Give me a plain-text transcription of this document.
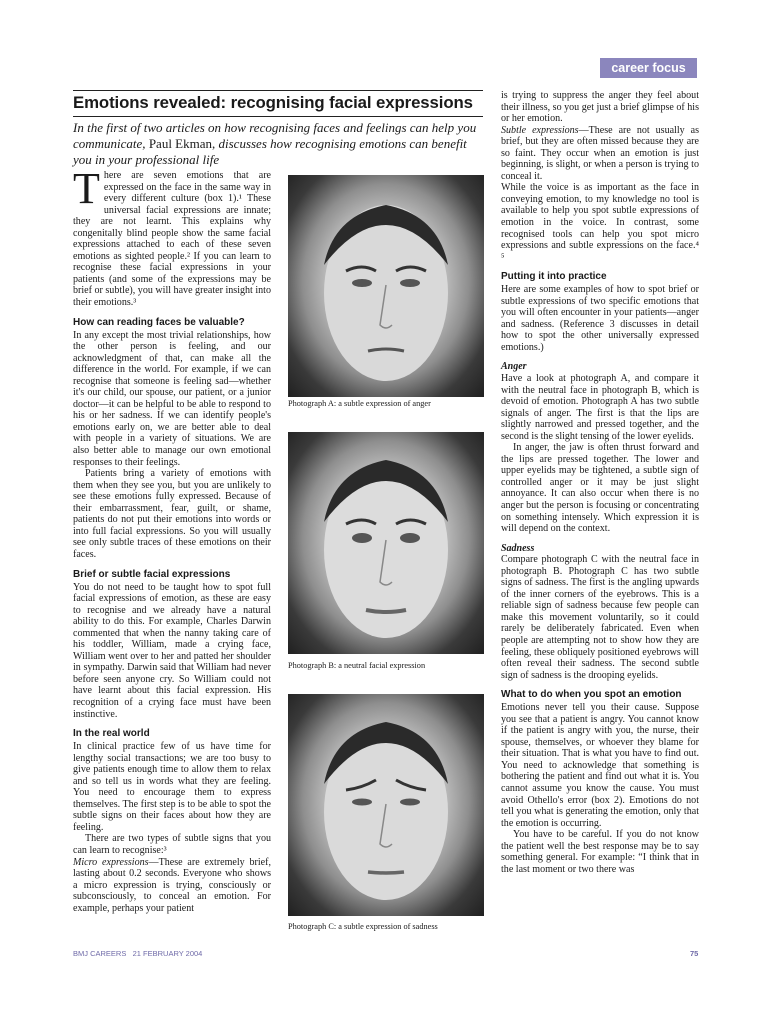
career focus
Emotions revealed: recognising facial expressions
In the first of two articles on how recognising faces and feelings can help you communicate, Paul Ekman, discusses how recognising emotions can benefit you in your professional life

There are seven emotions that are expressed on the face in the same way in every different culture (box 1).¹ These universal facial expressions are innate; they are not learnt. This explains why congenitally blind people show the same facial expressions attached to each of these seven emotions as sighted people.² If you can learn to recognise these facial expressions in your patients (and some of the expressions may be brief or subtle), you will have greater insight into their emotions.³

How can reading faces be valuable?

In any except the most trivial relationships, how the other person is feeling, and our acknowledgment of that, can make all the difference in the world. For example, if we can recognise that someone is feeling sad—whether it's our child, our spouse, our patient, or a junior doctor—it can be helpful to be able to respond to his or her sadness. If we can identify people's emotions early on, we are better able to deal with people in a variety of situations. We are also better able to manage our own emotional responses to their feelings.

Patients bring a variety of emotions with them when they see you, but you are unlikely to see these emotions fully expressed. Because of their embarrassment, fear, guilt, or shame, patients do not put their emotions into words or into full facial expressions. So you will usually see only subtle traces of these emotions on their faces.

Brief or subtle facial expressions

You do not need to be taught how to spot full facial expressions of emotion, as these are easy to recognise and we already have a natural ability to do this. For example, Charles Darwin commented that when the nanny taking care of his toddler, William, made a crying face, William went over to her and patted her shoulder in sympathy. Darwin said that William had never before seen anyone cry. So William could not have learnt about this facial expression. His recognition of a crying face must have been instinctive.

In the real world

In clinical practice few of us have time for lengthy social transactions; we are too busy to give patients enough time to allow them to relax and so tell us in words what they are feeling. You need to encourage them to express themselves. The first step is to be able to spot the subtle signs on their faces about how they are feeling.

There are two types of subtle signs that you can learn to recognise:³

Micro expressions—These are extremely brief, lasting about 0.2 seconds. Everyone who shows a micro expression is trying, consciously or subconsciously, to conceal an emotion. For example, perhaps your patient

Photograph A: a subtle expression of anger
Photograph B: a neutral facial expression
Photograph C: a subtle expression of sadness

is trying to suppress the anger they feel about their illness, so you get just a brief glimpse of his or her emotion.

Subtle expressions—These are not usually as brief, but they are often missed because they are so faint. They occur when an emotion is just beginning, is slight, or when a person is trying to conceal it.

While the voice is as important as the face in conveying emotion, to my knowledge no tool is available to help you spot subtle expressions of emotion in the voice. In contrast, some recognised tools can help you spot micro expressions and subtle expressions on the face.⁴ ⁵

Putting it into practice

Here are some examples of how to spot brief or subtle expressions of two specific emotions that you will often encounter in your patients—anger and sadness. (Reference 3 discusses in detail how to spot the other universally expressed emotions.)

Anger

Have a look at photograph A, and compare it with the neutral face in photograph B, which is devoid of emotion. Photograph A has two subtle signals of anger. The first is that the lips are slightly narrowed and pressed together, and the second is the slight tensing of the lower eyelids.

In anger, the jaw is often thrust forward and the lips are pressed together. The lower and upper eyelids may be tightened, a subtle sign of controlled anger or it may be just slight annoyance. It can also occur when there is no anger but the person is focusing or concentrating on something intensely. Which expression it is will depend on the context.

Sadness

Compare photograph C with the neutral face in photograph B. Photograph C has two subtle signs of sadness. The first is the angling upwards of the inner corners of the eyebrows. This is a reliable sign of sadness because few people can make this movement voluntarily, so it could rarely be deliberately fabricated. Even when people are attempting not to show how they are feeling, these obliquely positioned eyebrows will often reveal their sadness. The second subtle sign of sadness is the drooping eyelids.

What to do when you spot an emotion

Emotions never tell you their cause. Suppose you see that a patient is angry. You cannot know if the patient is angry with you, the nurse, their spouse, themselves, or whoever they blame for their situation. That is what you have to find out. You need to acknowledge that something is bothering the patient and find out what it is. You cannot assume you know the cause. You must avoid Othello's error (box 2). Emotions do not tell you what is generating the emotion, only that the emotion is occurring.

You have to be careful. If you do not know the patient well the best response may be to say something general. For example: “I think that in the last moment or two there was

BMJ CAREERS   21 FEBRUARY 2004	75
